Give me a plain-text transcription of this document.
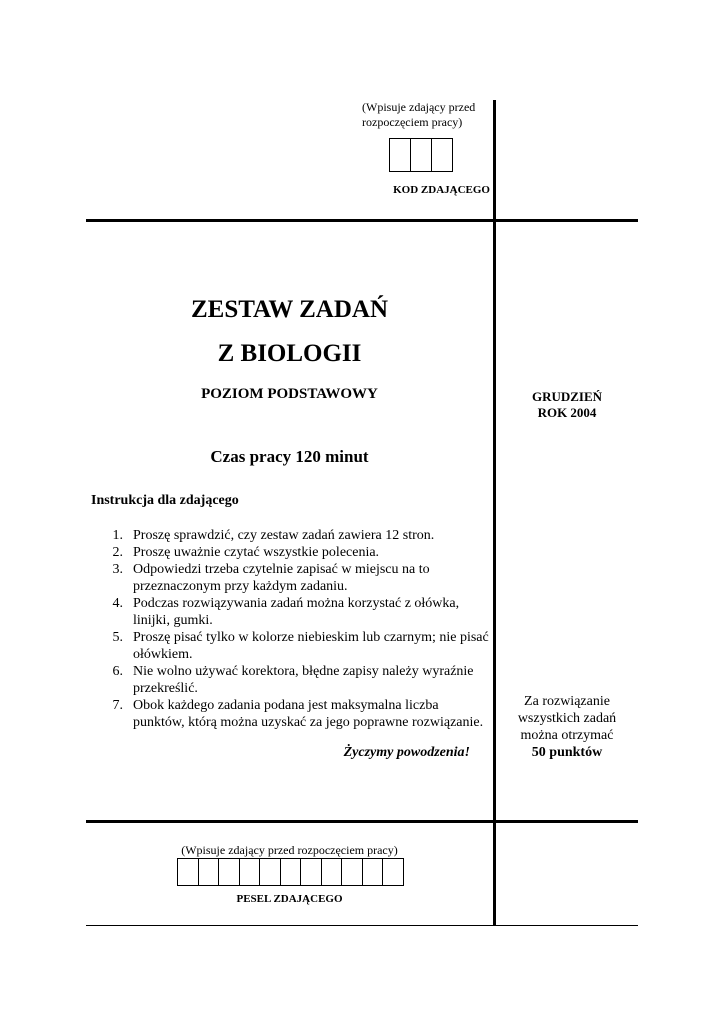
(Wpisuje zdający przed
rozpoczęciem pracy)
KOD ZDAJĄCEGO
ZESTAW ZADAŃ
Z BIOLOGII
POZIOM PODSTAWOWY
Czas pracy 120 minut
GRUDZIEŃ
ROK 2004
Instrukcja dla zdającego
1. Proszę sprawdzić, czy zestaw zadań zawiera 12 stron.
2. Proszę uważnie czytać wszystkie polecenia.
3. Odpowiedzi trzeba czytelnie zapisać w miejscu na to przeznaczonym przy każdym zadaniu.
4. Podczas rozwiązywania zadań można korzystać z ołówka, linijki, gumki.
5. Proszę pisać tylko w kolorze niebieskim lub czarnym; nie pisać ołówkiem.
6. Nie wolno używać korektora, błędne zapisy należy wyraźnie przekreślić.
7. Obok każdego zadania podana jest maksymalna liczba punktów, którą można uzyskać za jego poprawne rozwiązanie.
Życzymy powodzenia!
Za rozwiązanie
wszystkich zadań
można otrzymać
50 punktów
(Wpisuje zdający przed rozpoczęciem pracy)
PESEL ZDAJĄCEGO
